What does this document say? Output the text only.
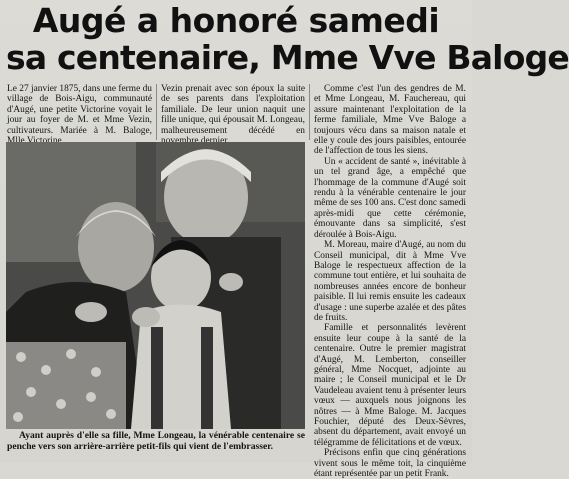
Augé a honoré samedi
sa centenaire, Mme Vve Baloge
Le 27 janvier 1875, dans une ferme du village de Bois-Aigu, communauté d'Augé, une petite Victorine voyait le jour au foyer de M. et Mme Vezin, cultivateurs. Mariée à M. Baloge,
Vezin prenait avec son époux la suite de ses parents dans l'exploitation familiale. De leur union naquit une fille unique, qui épousait M. Longeau, malheureusement décédé en

Comme c'est l'un des gendres de M. et Mme Longeau, M. Fauchereau, qui assure maintenant l'exploitation de la ferme familiale, Mme Vve Baloge a toujours vécu dans sa maison natale et elle y coule des jours paisibles, entourée de l'affection de tous les siens.

Un « accident de santé », inévitable à un tel grand âge, a empêché que l'hommage de la commune d'Augé soit rendu à la vénérable centenaire le jour même de ses 100 ans. C'est donc samedi après-midi que cette cérémonie, émouvante dans sa simplicité, s'est déroulée à Bois-Aigu.

M. Moreau, maire d'Augé, au nom du Conseil municipal, dit à Mme Vve Baloge le respectueux affection de la commune tout entière, et lui souhaita de nombreuses années encore de bonheur paisible. Il lui remis ensuite les cadeaux d'usage : une superbe azalée et des pâtes de fruits.

Famille et personnalités levèrent ensuite leur coupe à la santé de la centenaire. Outre le premier magistrat d'Augé, M. Lemberton, conseiller général, Mme Nocquet, adjointe au maire ; le Conseil municipal et le Dr Vaudeleau avaient tenu à présenter leurs vœux — auxquels nous joignons les nôtres — à Mme Baloge. M. Jacques Fouchier, député des Deux-Sèvres, absent du département, avait envoyé un télégramme de félicitations et de vœux.

Précisons enfin que cinq générations vivent sous le même toit, la cinquième étant représentée par un petit Frank.

Ayant auprès d'elle sa fille, Mme Longeau, la vénérable centenaire se penche vers son arrière-arrière petit-fils qui vient de l'embrasser.
